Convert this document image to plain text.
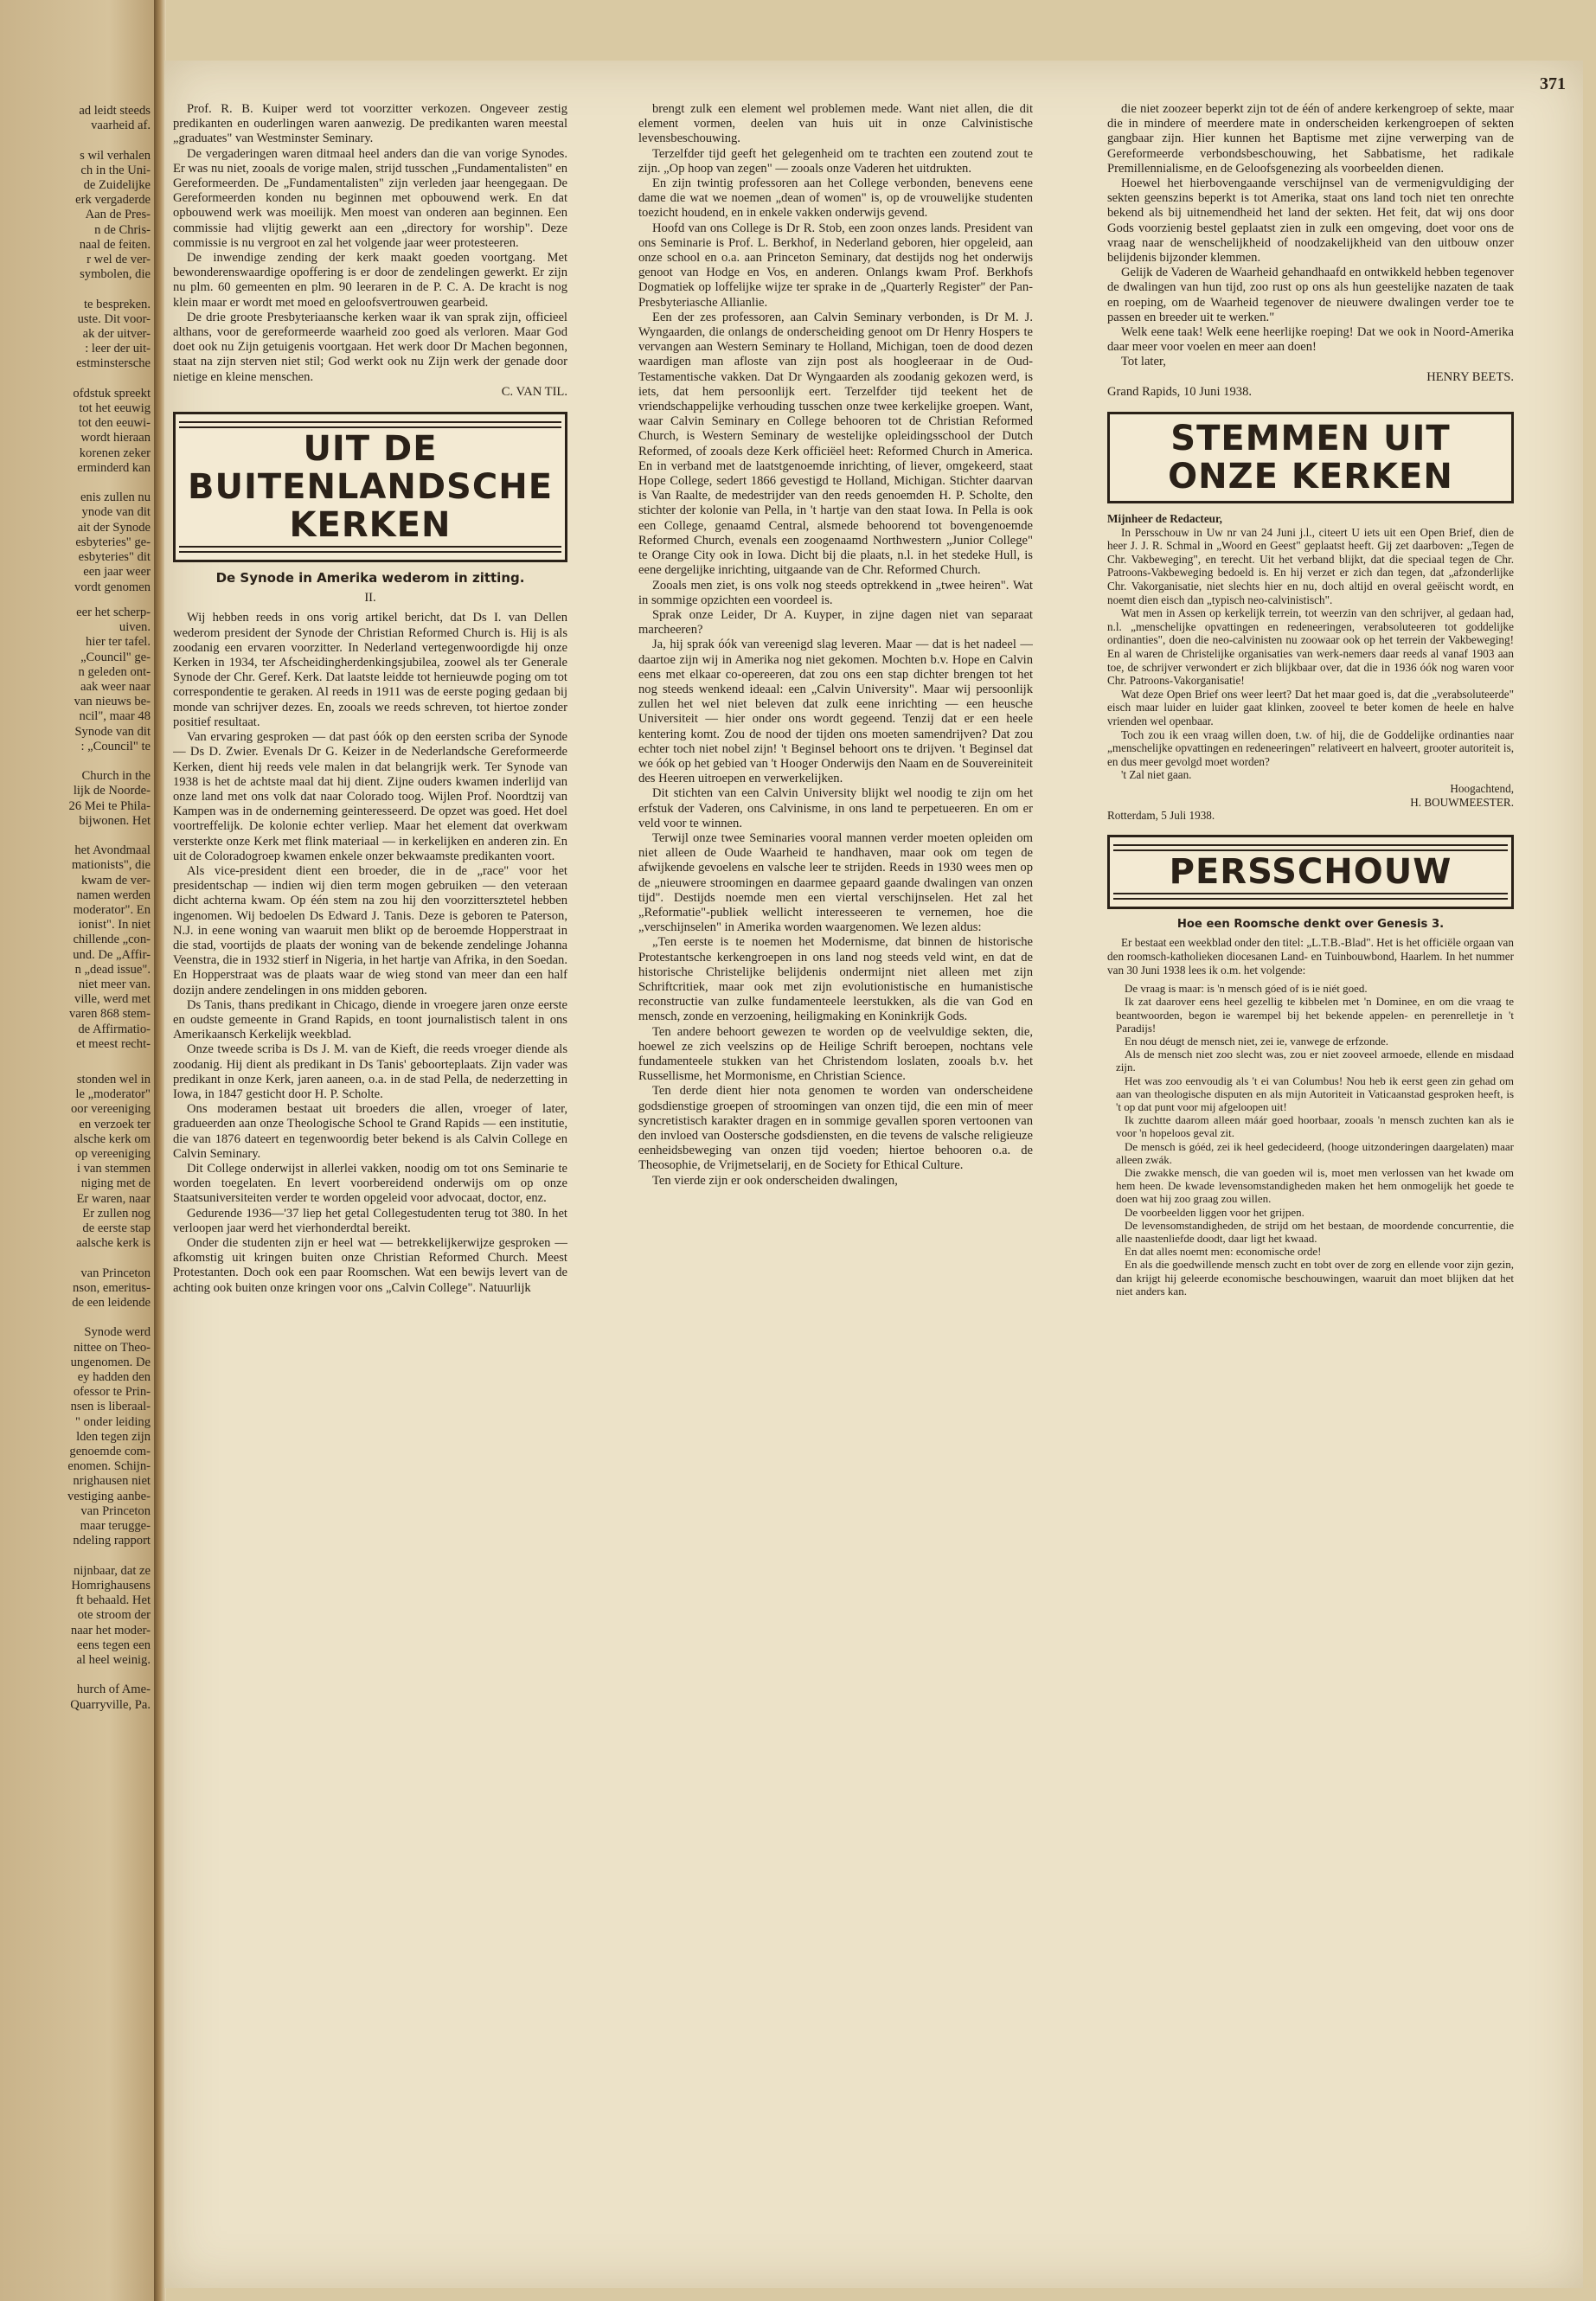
ad leidt steeds
vaarheid af.

s wil verhalen
ch in the Uni-
de Zuidelijke
erk vergaderde
Aan de Pres-
n de Chris-
naal de feiten.
r wel de ver-
symbolen, die

te bespreken.
uste. Dit voor-
ak der uitver-
: leer der uit-
estminstersche

ofdstuk spreekt
tot het eeuwig
tot den eeuwi-
wordt hieraan
korenen zeker
erminderd kan

enis zullen nu
ynode van dit
ait der Synode
esbyteries" ge-
esbyteries" dit
een jaar weer
vordt genomen
eer het scherp-
uiven.
hier ter tafel.
„Council" ge-
n geleden ont-
aak weer naar
van nieuws be-
ncil", maar 48
Synode van dit
: „Council" te

Church in the
lijk de Noorde-
26 Mei te Phila-
bijwonen. Het

het Avondmaal
mationists", die
kwam de ver-
namen werden
moderator". En
ionist". In niet
chillende „con-
und. De „Affir-
n „dead issue".
niet meer van.
ville, werd met
varen 868 stem-
de Affirmatio-
et meest recht-
stonden wel in
le „moderator"
oor vereeniging
en verzoek ter
alsche kerk om
op vereeniging
i van stemmen
niging met de
Er waren, naar
Er zullen nog
de eerste stap
aalsche kerk is

van Princeton
nson, emeritus-
de een leidende

Synode werd
nittee on Theo-
ungenomen. De
ey hadden den
ofessor te Prin-
nsen is liberaal-
" onder leiding
lden tegen zijn
genoemde com-
enomen. Schijn-
nrighausen niet
vestiging aanbe-
van Princeton
maar terugge-
ndeling rapport

nijnbaar, dat ze
Homrighausens
ft behaald. Het
ote stroom der
naar het moder-
eens tegen een
al heel weinig.

hurch of Ame-
Quarryville, Pa.
371

Prof. R. B. Kuiper werd tot voorzitter verkozen. Ongeveer zestig predikanten en ouderlingen waren aanwezig. De predikanten waren meestal „graduates" van Westminster Seminary.

De vergaderingen waren ditmaal heel anders dan die van vorige Synodes. Er was nu niet, zooals de vorige malen, strijd tusschen „Fundamentalisten" en Gereformeerden. De „Fundamentalisten" zijn verleden jaar heengegaan. De Gereformeerden konden nu beginnen met opbouwend werk. En dat opbouwend werk was moeilijk. Men moest van onderen aan beginnen. Een commissie had vlijtig gewerkt aan een „directory for worship". Deze commissie is nu vergroot en zal het volgende jaar weer protesteeren.

De inwendige zending der kerk maakt goeden voortgang. Met bewonderenswaardige opoffering is er door de zendelingen gewerkt. Er zijn nu plm. 60 gemeenten en plm. 90 leeraren in de P. C. A. De kracht is nog klein maar er wordt met moed en geloofsvertrouwen gearbeid.

De drie groote Presbyteriaansche kerken waar ik van sprak zijn, officieel althans, voor de gereformeerde waarheid zoo goed als verloren. Maar God doet ook nu Zijn getuigenis voortgaan. Het werk door Dr Machen begonnen, staat na zijn sterven niet stil; God werkt ook nu Zijn werk der genade door nietige en kleine menschen.

C. VAN TIL.

UIT DE
BUITENLANDSCHE KERKEN
De Synode in Amerika wederom in zitting.
II.

Wij hebben reeds in ons vorig artikel bericht, dat Ds I. van Dellen wederom president der Synode der Christian Reformed Church is. Hij is als zoodanig een ervaren voorzitter. In Nederland vertegenwoordigde hij onze Kerken in 1934, ter Afscheidingherdenkingsjubilea, zoowel als ter Generale Synode der Chr. Geref. Kerk. Dat laatste leidde tot hernieuwde poging om tot correspondentie te geraken. Al reeds in 1911 was de eerste poging gedaan bij monde van schrijver dezes. En, zooals we reeds schreven, tot hiertoe zonder positief resultaat.

Van ervaring gesproken — dat past óók op den eersten scriba der Synode — Ds D. Zwier. Evenals Dr G. Keizer in de Nederlandsche Gereformeerde Kerken, dient hij reeds vele malen in dat belangrijk werk. Ter Synode van 1938 is het de achtste maal dat hij dient. Zijne ouders kwamen inderlijd van onze land met ons volk dat naar Colorado toog. Wijlen Prof. Noordtzij van Kampen was in de onderneming geinteresseerd. De opzet was goed. Het doel voortreffelijk. De kolonie echter verliep. Maar het element dat overkwam versterkte onze Kerk met flink materiaal — in kerkelijken en anderen zin. En uit de Coloradogroep kwamen enkele onzer bekwaamste predikanten voort.

Als vice-president dient een broeder, die in de „race" voor het presidentschap — indien wij dien term mogen gebruiken — den veteraan dicht achterna kwam. Op één stem na zou hij den voorzittersztetel hebben ingenomen. Wij bedoelen Ds Edward J. Tanis. Deze is geboren te Paterson, N.J. in eene woning van waaruit men blikt op de beroemde Hopperstraat in die stad, voortijds de plaats der woning van de bekende zendelinge Johanna Veenstra, die in 1932 stierf in Nigeria, in het hartje van Afrika, in den Soedan. En Hopperstraat was de plaats waar de wieg stond van meer dan een half dozijn andere zendelingen in ons midden geboren.

Ds Tanis, thans predikant in Chicago, diende in vroegere jaren onze eerste en oudste gemeente in Grand Rapids, en toont journalistisch talent in ons Amerikaansch Kerkelijk weekblad.

Onze tweede scriba is Ds J. M. van de Kieft, die reeds vroeger diende als zoodanig. Hij dient als predikant in Ds Tanis' geboorteplaats. Zijn vader was predikant in onze Kerk, jaren aaneen, o.a. in de stad Pella, de nederzetting in Iowa, in 1847 gesticht door H. P. Scholte.

Ons moderamen bestaat uit broeders die allen, vroeger of later, gradueerden aan onze Theologische School te Grand Rapids — een institutie, die van 1876 dateert en tegenwoordig beter bekend is als Calvin College en Calvin Seminary.

Dit College onderwijst in allerlei vakken, noodig om tot ons Seminarie te worden toegelaten. En levert voorbereidend onderwijs om op onze Staatsuniversiteiten verder te worden opgeleid voor advocaat, doctor, enz.

Gedurende 1936—'37 liep het getal Collegestudenten terug tot 380. In het verloopen jaar werd het vierhonderdtal bereikt.

Onder die studenten zijn er heel wat — betrekkelijkerwijze gesproken — afkomstig uit kringen buiten onze Christian Reformed Church. Meest Protestanten. Doch ook een paar Roomschen. Wat een bewijs levert van de achting ook buiten onze kringen voor ons „Calvin College". Natuurlijk

brengt zulk een element wel problemen mede. Want niet allen, die dit element vormen, deelen van huis uit in onze Calvinistische levensbeschouwing.

Terzelfder tijd geeft het gelegenheid om te trachten een zoutend zout te zijn. „Op hoop van zegen" — zooals onze Vaderen het uitdrukten.

En zijn twintig professoren aan het College verbonden, benevens eene dame die wat we noemen „dean of women" is, op de vrouwelijke studenten toezicht houdend, en in enkele vakken onderwijs gevend.

Hoofd van ons College is Dr R. Stob, een zoon onzes lands. President van ons Seminarie is Prof. L. Berkhof, in Nederland geboren, hier opgeleid, aan onze school en o.a. aan Princeton Seminary, dat destijds nog het onderwijs genoot van Hodge en Vos, en anderen. Onlangs kwam Prof. Berkhofs Dogmatiek op loffelijke wijze ter sprake in de „Quarterly Register" der Pan-Presbyteriasche Allianlie.

Een der zes professoren, aan Calvin Seminary verbonden, is Dr M. J. Wyngaarden, die onlangs de onderscheiding genoot om Dr Henry Hospers te vervangen aan Western Seminary te Holland, Michigan, toen de dood dezen waardigen man afloste van zijn post als hoogleeraar in de Oud-Testamentische vakken. Dat Dr Wyngaarden als zoodanig gekozen werd, is iets, dat hem persoonlijk eert. Terzelfder tijd teekent het de vriendschappelijke verhouding tusschen onze twee kerkelijke groepen. Want, waar Calvin Seminary en College behooren tot de Christian Reformed Church, is Western Seminary de westelijke opleidingsschool der Dutch Reformed, of zooals deze Kerk officiëel heet: Reformed Church in America. En in verband met de laatstgenoemde inrichting, of liever, omgekeerd, staat Hope College, sedert 1866 gevestigd te Holland, Michigan. Stichter daarvan is Van Raalte, de medestrijder van den reeds genoemden H. P. Scholte, den stichter der kolonie van Pella, in 't hartje van den staat Iowa. In Pella is ook een College, genaamd Central, alsmede behoorend tot bovengenoemde Reformed Church, evenals een zoogenaamd Northwestern „Junior College" te Orange City ook in Iowa. Dicht bij die plaats, n.l. in het stedeke Hull, is eene dergelijke inrichting, uitgaande van de Chr. Reformed Church.

Zooals men ziet, is ons volk nog steeds optrekkend in „twee heiren". Wat in sommige opzichten een voordeel is.

Sprak onze Leider, Dr A. Kuyper, in zijne dagen niet van separaat marcheeren?

Ja, hij sprak óók van vereenigd slag leveren. Maar — dat is het nadeel — daartoe zijn wij in Amerika nog niet gekomen. Mochten b.v. Hope en Calvin eens met elkaar co-opereeren, dat zou ons een stap dichter brengen tot het nog steeds wenkend ideaal: een „Calvin University". Maar wij persoonlijk zullen het wel niet beleven dat zulk eene inrichting — een heusche Universiteit — hier onder ons wordt gegeend. Tenzij dat er een heele kentering komt. Zou de nood der tijden ons moeten samendrijven? Dat zou echter toch niet nobel zijn! 't Beginsel behoort ons te drijven. 't Beginsel dat we óók op het gebied van 't Hooger Onderwijs den Naam en de Souvereiniteit des Heeren uitroepen en verwerkelijken.

Dit stichten van een Calvin University blijkt wel noodig te zijn om het erfstuk der Vaderen, ons Calvinisme, in ons land te perpetueeren. En om er veld voor te winnen.

Terwijl onze twee Seminaries vooral mannen verder moeten opleiden om niet alleen de Oude Waarheid te handhaven, maar ook om tegen de afwijkende gevoelens en valsche leer te strijden. Reeds in 1930 wees men op de „nieuwere stroomingen en daarmee gepaard gaande dwalingen van onzen tijd". Destijds noemde men een viertal verschijnselen. Het zal het „Reformatie"-publiek wellicht interesseeren te vernemen, hoe die „verschijnselen" in Amerika worden waargenomen. We lezen aldus:

„Ten eerste is te noemen het Modernisme, dat binnen de historische Protestantsche kerkengroepen in ons land nog steeds veld wint, en dat de historische Christelijke belijdenis ondermijnt niet alleen met zijn Schriftcritiek, maar ook met zijn evolutionistische en humanistische reconstructie van zulke fundamenteele leerstukken, als die van God en mensch, zonde en verzoening, heiligmaking en Koninkrijk Gods.

Ten andere behoort gewezen te worden op de veelvuldige sekten, die, hoewel ze zich veelszins op de Heilige Schrift beroepen, nochtans vele fundamenteele stukken van het Christendom loslaten, zooals b.v. het Russellisme, het Mormonisme, en Christian Science.

Ten derde dient hier nota genomen te worden van onderscheidene godsdienstige groepen of stroomingen van onzen tijd, die een min of meer syncretistisch karakter dragen en in sommige gevallen sporen vertoonen van den invloed van Oostersche godsdiensten, en die tevens de valsche religieuze eenheidsbeweging van onzen tijd voeden; hiertoe behooren o.a. de Theosophie, de Vrijmetselarij, en de Society for Ethical Culture.

Ten vierde zijn er ook onderscheiden dwalingen,

die niet zoozeer beperkt zijn tot de één of andere kerkengroep of sekte, maar die in mindere of meerdere mate in onderscheiden kerkengroepen of sekten gangbaar zijn. Hier kunnen het Baptisme met zijne verwerping van de Gereformeerde verbondsbeschouwing, het Sabbatisme, het radikale Premillennialisme, en de Geloofsgenezing als voorbeelden dienen.

Hoewel het hierbovengaande verschijnsel van de vermenigvuldiging der sekten geenszins beperkt is tot Amerika, staat ons land toch niet ten onrechte bekend als bij uitnemendheid het land der sekten. Het feit, dat wij ons door Gods voorzienig bestel geplaatst zien in zulk een omgeving, doet voor ons de vraag naar de wenschelijkheid of noodzakelijkheid van den uitbouw onzer belijdenis bijzonder klemmen.

Gelijk de Vaderen de Waarheid gehandhaafd en ontwikkeld hebben tegenover de dwalingen van hun tijd, zoo rust op ons als hun geestelijke nazaten de taak en roeping, om de Waarheid tegenover de nieuwere dwalingen verder toe te passen en breeder uit te werken."

Welk eene taak! Welk eene heerlijke roeping! Dat we ook in Noord-Amerika daar meer voor voelen en meer aan doen!

Tot later,

HENRY BEETS.

Grand Rapids, 10 Juni 1938.

STEMMEN UIT
ONZE KERKEN

Mijnheer de Redacteur,

In Persschouw in Uw nr van 24 Juni j.l., citeert U iets uit een Open Brief, dien de heer J. J. R. Schmal in „Woord en Geest" geplaatst heeft. Gij zet daarboven: „Tegen de Chr. Vakbeweging", en terecht. Uit het verband blijkt, dat die speciaal tegen de Chr. Patroons-Vakbeweging bedoeld is. En hij verzet er zich dan tegen, dat „afzonderlijke Chr. Vakorganisatie, niet slechts hier en nu, doch altijd en overal geëischt wordt, en noemt dien eisch dan „typisch neo-calvinistisch".

Wat men in Assen op kerkelijk terrein, tot weerzin van den schrijver, al gedaan had, n.l. „menschelijke opvattingen en redeneeringen, verabsoluteeren tot goddelijke ordinanties", doen die neo-calvinisten nu zoowaar ook op het terrein der Vakbeweging! En al waren de Christelijke organisaties van werk-nemers daar reeds al vanaf 1903 aan toe, de schrijver verwondert er zich blijkbaar over, dat die in 1936 óók nog waren voor Chr. Patroons-Vakorganisatie!

Wat deze Open Brief ons weer leert? Dat het maar goed is, dat die „verabsoluteerde" eisch maar luider en luider gaat klinken, zooveel te beter komen de heele en halve vrienden wel openbaar.

Toch zou ik een vraag willen doen, t.w. of hij, die de Goddelijke ordinanties naar „menschelijke opvattingen en redeneeringen" relativeert en halveert, grooter autoriteit is, en dus meer gevolgd moet worden?

't Zal niet gaan.

Hoogachtend,

H. BOUWMEESTER.

Rotterdam, 5 Juli 1938.

PERSSCHOUW
Hoe een Roomsche denkt over Genesis 3.

Er bestaat een weekblad onder den titel: „L.T.B.-Blad". Het is het officiële orgaan van den roomsch-katholieken diocesanen Land- en Tuinbouwbond, Haarlem. In het nummer van 30 Juni 1938 lees ik o.m. het volgende:

De vraag is maar: is 'n mensch góed of is ie niét goed.

Ik zat daarover eens heel gezellig te kibbelen met 'n Dominee, en om die vraag te beantwoorden, begon ie warempel bij het bekende appelen- en perenrelletje in 't Paradijs!

En nou déugt de mensch niet, zei ie, vanwege de erfzonde.

Als de mensch niet zoo slecht was, zou er niet zooveel armoede, ellende en misdaad zijn.

Het was zoo eenvoudig als 't ei van Columbus! Nou heb ik eerst geen zin gehad om aan van theologische disputen en als mijn Autoriteit in Vaticaanstad gesproken heeft, is 't op dat punt voor mij afgeloopen uit!

Ik zuchtte daarom alleen máár goed hoorbaar, zooals 'n mensch zuchten kan als ie voor 'n hopeloos geval zit.

De mensch is góéd, zei ik heel gedecideerd, (hooge uitzonderingen daargelaten) maar alleen zwák.

Die zwakke mensch, die van goeden wil is, moet men verlossen van het kwade om hem heen. De kwade levensomstandigheden maken het hem onmogelijk het goede te doen wat hij zoo graag zou willen.

De voorbeelden liggen voor het grijpen.

De levensomstandigheden, de strijd om het bestaan, de moordende concurrentie, die alle naastenliefde doodt, daar ligt het kwaad.

En dat alles noemt men: economische orde!

En als die goedwillende mensch zucht en tobt over de zorg en ellende voor zijn gezin, dan krijgt hij geleerde economische beschouwingen, waaruit dan moet blijken dat het niet anders kan.
